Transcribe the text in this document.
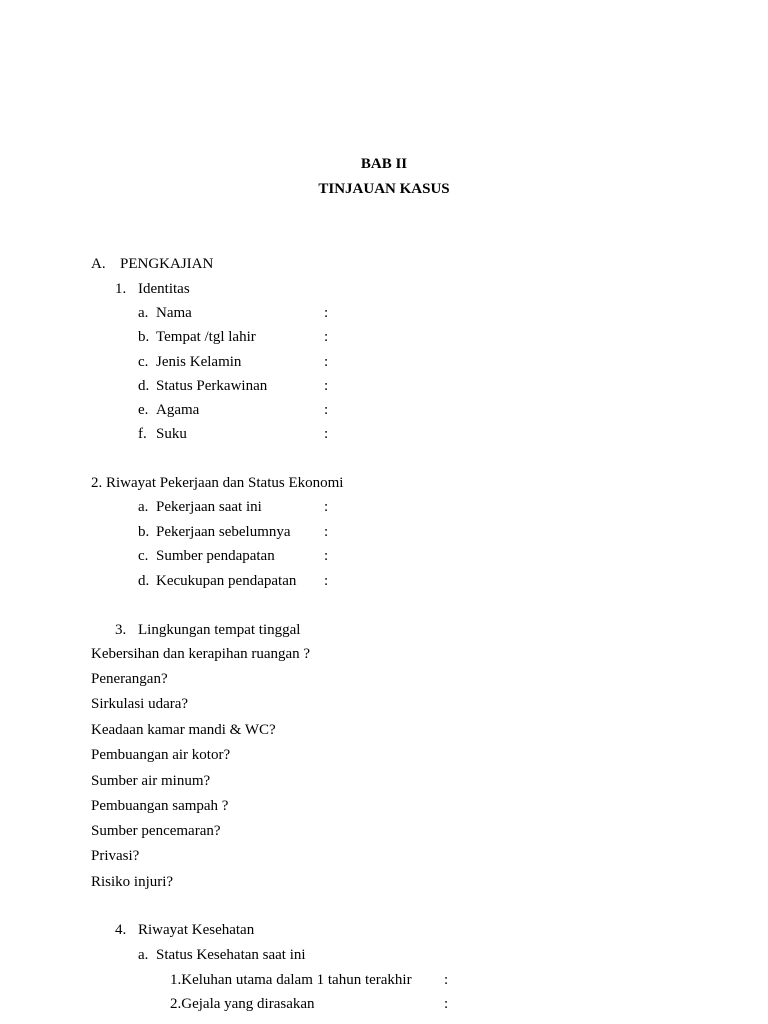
BAB II
TINJAUAN KASUS
A. PENGKAJIAN
1. Identitas
a. Nama	:
b. Tempat /tgl lahir	:
c. Jenis Kelamin	:
d. Status Perkawinan	:
e. Agama	:
f. Suku	:
2. Riwayat Pekerjaan dan Status Ekonomi
a. Pekerjaan saat ini	:
b. Pekerjaan sebelumnya :
c. Sumber pendapatan	:
d. Kecukupan pendapatan :
3. Lingkungan tempat tinggal
Kebersihan dan kerapihan ruangan ?
Penerangan?
Sirkulasi udara?
Keadaan kamar mandi & WC?
Pembuangan air kotor?
Sumber air minum?
Pembuangan sampah ?
Sumber pencemaran?
Privasi?
Risiko injuri?
4. Riwayat Kesehatan
a. Status Kesehatan saat ini
1.Keluhan utama dalam 1 tahun terakhir :
2.Gejala yang dirasakan	:
